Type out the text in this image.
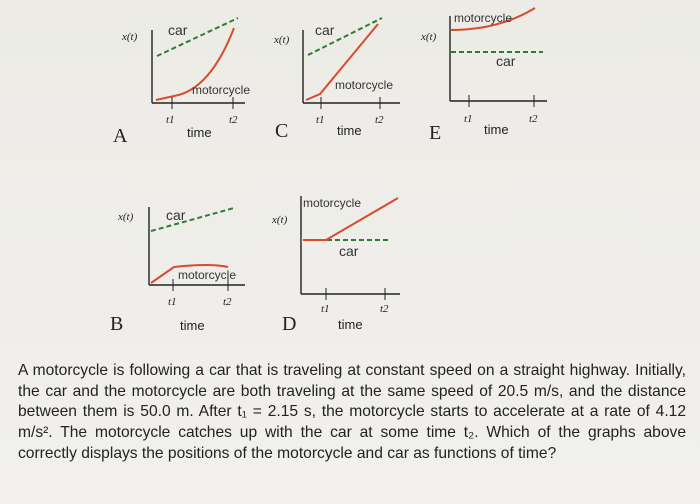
A	C	E
B	D
x(t) car
motorcycle
t1	t2
time
x(t)
car
motorcycle
t1	t2
time
x(t)
motorcycle
car
t1	t2
time
x(t) car
motorcycle
t1	t2
time
x(t)
motorcycle
car
t1	t2
time

A motorcycle is following a car that is traveling at constant speed on a straight highway. Initially, the car and the motorcycle are both traveling at the same speed of 20.5 m/s, and the distance between them is 50.0 m. After t₁ = 2.15 s, the motorcycle starts to accelerate at a rate of 4.12 m/s². The motorcycle catches up with the car at some time t₂. Which of the graphs above correctly displays the positions of the motorcycle and car as functions of time?
